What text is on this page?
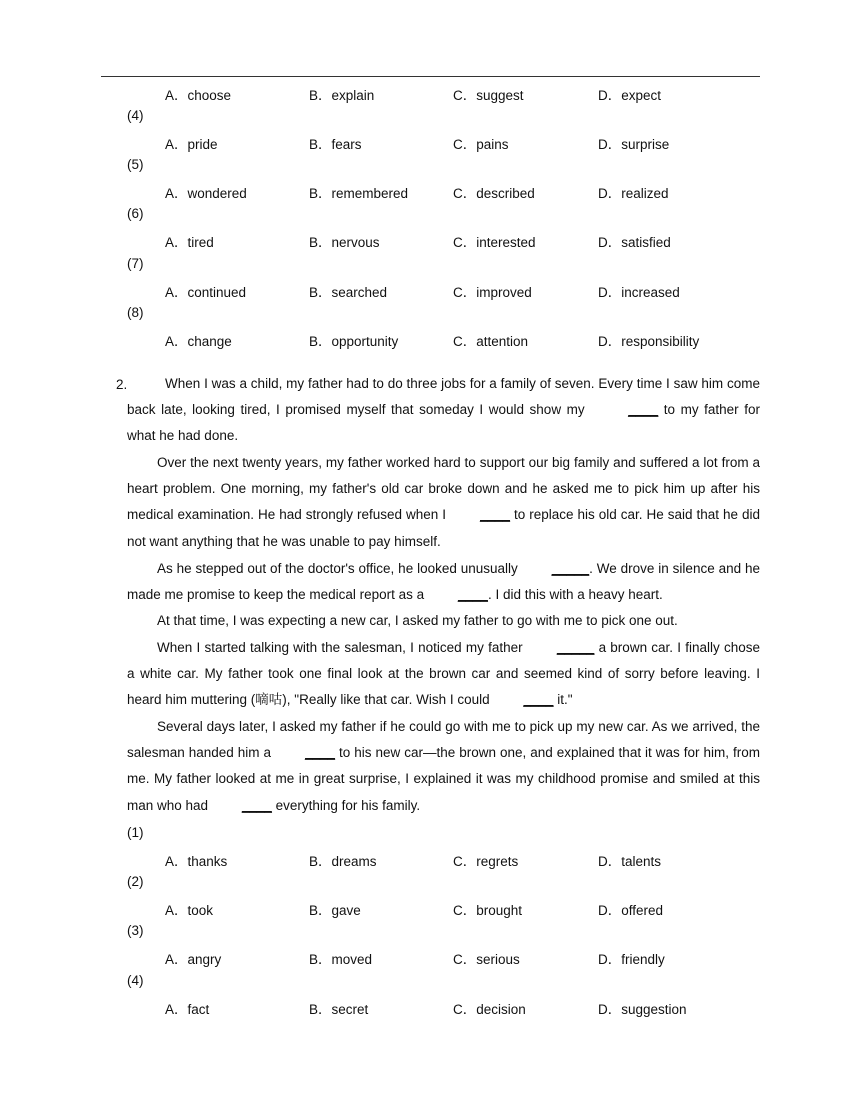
A．choose	B．explain	C．suggest	D．expect
(4)
A．pride	B．fears	C．pains	D．surprise
(5)
A．wondered	B．remembered	C．described	D．realized
(6)
A．tired	B．nervous	C．interested	D．satisfied
(7)
A．continued	B．searched	C．improved	D．increased
(8)
A．change	B．opportunity	C．attention	D．responsibility
2.	When I was a child, my father had to do three jobs for a family of seven. Every time I saw him come back late, looking tired, I promised myself that someday I would show my	____ to my father for what he had done.
Over the next twenty years, my father worked hard to support our big family and suffered a lot from a heart problem. One morning, my father's old car broke down and he asked me to pick him up after his medical examination. He had strongly refused when I ____ to replace his old car. He said that he did not want anything that he was unable to pay himself.
As he stepped out of the doctor's office, he looked unusually _____. We drove in silence and he made me promise to keep the medical report as a ____. I did this with a heavy heart.
At that time, I was expecting a new car, I asked my father to go with me to pick one out.
When I started talking with the salesman, I noticed my father _____ a brown car. I finally chose a white car. My father took one final look at the brown car and seemed kind of sorry before leaving. I heard him muttering (嘀咕), "Really like that car. Wish I could ____ it."
Several days later, I asked my father if he could go with me to pick up my new car. As we arrived, the salesman handed him a ____ to his new car—the brown one, and explained that it was for him, from me. My father looked at me in great surprise, I explained it was my childhood promise and smiled at this man who had ____ everything for his family.
(1)
A．thanks	B．dreams	C．regrets	D．talents
(2)
A．took	B．gave	C．brought	D．offered
(3)
A．angry	B．moved	C．serious	D．friendly
(4)
A．fact	B．secret	C．decision	D．suggestion
